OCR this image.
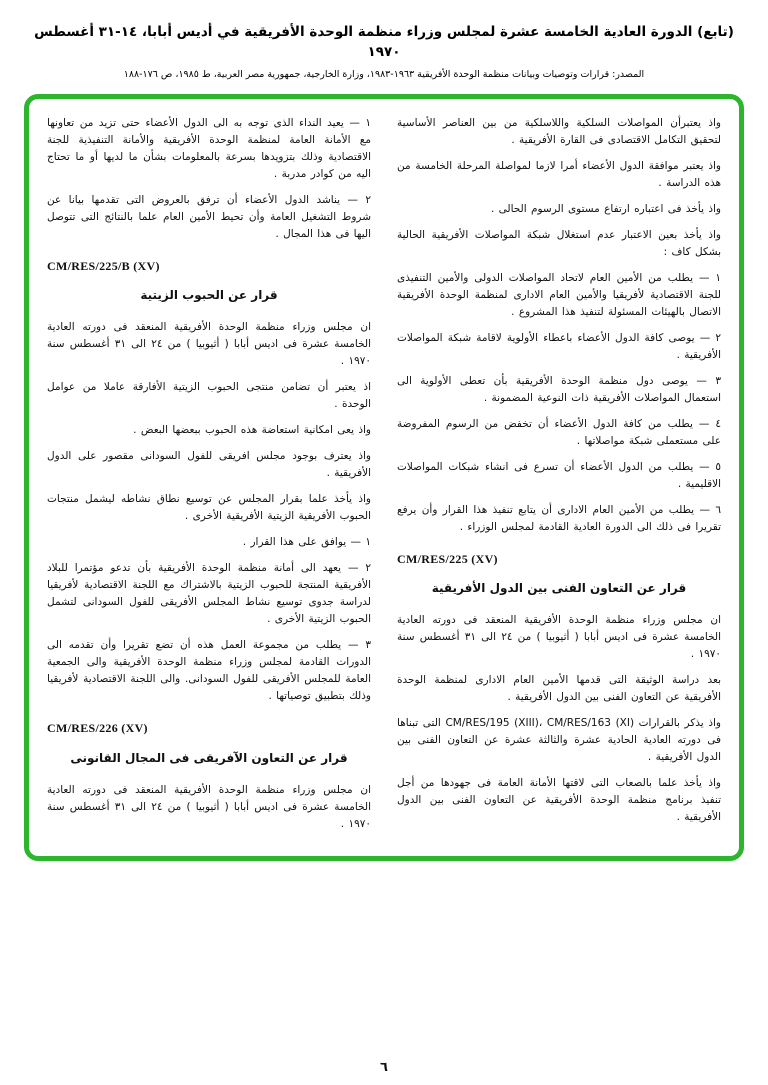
(تابع) الدورة العادية الخامسة عشرة لمجلس وزراء منظمة الوحدة الأفريقية في أديس أبابا، ١٤-٣١ أغسطس ١٩٧٠
المصدر: قرارات وتوصيات وبيانات منظمة الوحدة الأفريقية ١٩٦٣-١٩٨٣، وزارة الخارجية، جمهورية مصر العربية، ط ١٩٨٥، ص ١٧٦-١٨٨

واذ يعتبرأن المواصلات السلكية واللاسلكية من بين العناصر الأساسية لتحقيق التكامل الاقتصادى فى القارة الأفريقية .

واذ يعتبر موافقة الدول الأعضاء أمرا لازما لمواصلة المرحلة الخامسة من هذه الدراسة .

واذ يأخذ فى اعتباره ارتفاع مستوى الرسوم الحالى .

واذ يأخذ بعين الاعتبار عدم استغلال شبكة المواصلات الأفريقية الحالية بشكل كاف :

١ — يطلب من الأمين العام لاتحاد المواصلات الدولى والأمين التنفيذى للجنة الاقتصادية لأفريقيا والأمين العام الادارى لمنظمة الوحدة الأفريقية الاتصال بالهيئات المسئولة لتنفيذ هذا المشروع .

٢ — يوصى كافة الدول الأعضاء باعطاء الأولوية لاقامة شبكة المواصلات الأفريقية .

٣ — يوصى دول منظمة الوحدة الأفريقية بأن تعطى الأولوية الى استعمال المواصلات الأفريقية ذات النوعية المضمونة .

٤ — يطلب من كافة الدول الأعضاء أن تخفض من الرسوم المفروضة على مستعملى شبكة مواصلاتها .

٥ — يطلب من الدول الأعضاء أن تسرع فى انشاء شبكات المواصلات الاقليمية .

٦ — يطلب من الأمين العام الادارى أن يتابع تنفيذ هذا القرار وأن يرفع تقريرا فى ذلك الى الدورة العادية القادمة لمجلس الوزراء .

CM/RES/225 (XV)
قرار عن التعاون الفنى بين الدول الأفريقية

ان مجلس وزراء منظمة الوحدة الأفريقية المنعقد فى دورته العادية الخامسة عشرة فى اديس أبابا ( أثيوبيا ) من ٢٤ الى ٣١ أغسطس سنة ١٩٧٠ .

بعد دراسة الوثيقة التى قدمها الأمين العام الادارى لمنظمة الوحدة الأفريقية عن التعاون الفنى بين الدول الأفريقية .

واذ يذكر بالقرارات CM/RES/195 (XIII)، CM/RES/163 (XI) التى تبناها فى دورته العادية الحادية عشرة والثالثة عشرة عن التعاون الفنى بين الدول الأفريقية .

واذ يأخذ علما بالصعاب التى لاقتها الأمانة العامة فى جهودها من أجل تنفيذ برنامج منظمة الوحدة الأفريقية عن التعاون الفنى بين الدول الأفريقية .

١ — يعيد النداء الذى توجه به الى الدول الأعضاء حتى تزيد من تعاونها مع الأمانة العامة لمنظمة الوحدة الأفريقية والأمانة التنفيذية للجنة الاقتصادية وذلك بتزويدها بسرعة بالمعلومات بشأن ما لديها أو ما تحتاج اليه من كوادر مدربة .

٢ — يناشد الدول الأعضاء أن ترفق بالعروض التى تقدمها بيانا عن شروط التشغيل العامة وأن تحيط الأمين العام علما بالنتائج التى تتوصل اليها فى هذا المجال .

CM/RES/225/B (XV)
قرار عن الحبوب الزيتية

ان مجلس وزراء منظمة الوحدة الأفريقية المنعقد فى دورته العادية الخامسة عشرة فى اديس أبابا ( أثيوبيا ) من ٢٤ الى ٣١ أغسطس سنة ١٩٧٠ .

اذ يعتبر أن تضامن منتجى الحبوب الزيتية الأفارقة عاملا من عوامل الوحدة .

واذ يعى امكانية استعاضة هذه الحبوب ببعضها البعض .

واذ يعترف بوجود مجلس افريقى للفول السودانى مقصور على الدول الأفريقية .

واذ يأخذ علما بقرار المجلس عن توسيع نطاق نشاطه ليشمل منتجات الحبوب الأفريقية الزيتية الأفريقية الأخرى .

١ — يوافق على هذا القرار .

٢ — يعهد الى أمانة منظمة الوحدة الأفريقية بأن تدعو مؤتمرا للبلاد الأفريقية المنتجة للحبوب الزيتية بالاشتراك مع اللجنة الاقتصادية لأفريقيا لدراسة جدوى توسيع نشاط المجلس الأفريقى للفول السودانى لتشمل الحبوب الزيتية الأخرى .

٣ — يطلب من مجموعة العمل هذه أن تضع تقريرا وأن تقدمه الى الدورات القادمة لمجلس وزراء منظمة الوحدة الأفريقية والى الجمعية العامة للمجلس الأفريقى للفول السودانى. والى اللجنة الاقتصادية لأفريقيا وذلك بتطبيق توصياتها .

CM/RES/226 (XV)
قرار عن التعاون الآفريقى فى المجال القانونى

ان مجلس وزراء منظمة الوحدة الأفريقية المنعقد فى دورته العادية الخامسة عشرة فى اديس أبابا ( أثيوبيا ) من ٢٤ الى ٣١ أغسطس سنة ١٩٧٠ .

٦
